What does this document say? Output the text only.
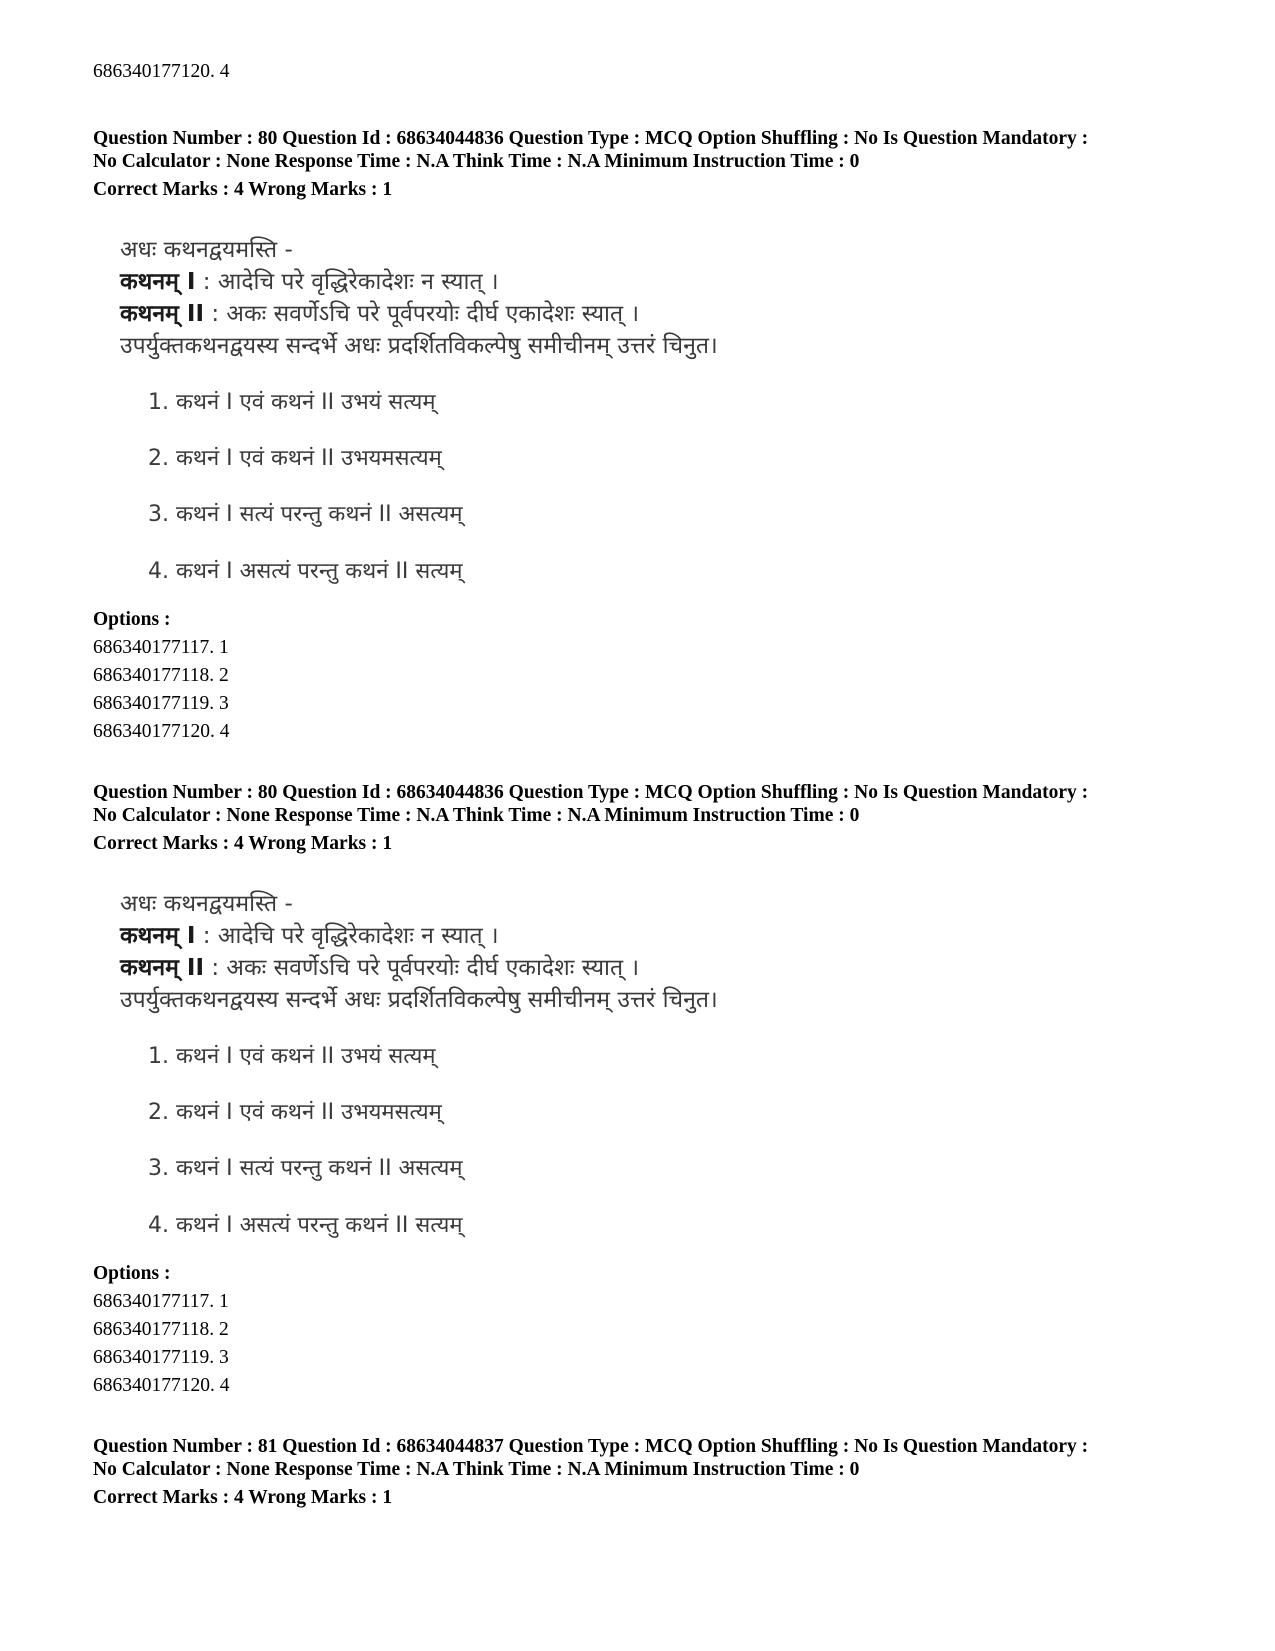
686340177120. 4
Question Number : 80 Question Id : 68634044836 Question Type : MCQ Option Shuffling : No Is Question Mandatory :
No Calculator : None Response Time : N.A Think Time : N.A Minimum Instruction Time : 0
Correct Marks : 4 Wrong Marks : 1
अधः कथनद्वयमस्ति -
कथनम् I : आदेचि परे वृद्धिरेकादेशः न स्यात् ।
कथनम् II : अकः सवर्णेऽचि परे पूर्वपरयोः दीर्घ एकादेशः स्यात् ।
उपर्युक्तकथनद्वयस्य सन्दर्भे अधः प्रदर्शितविकल्पेषु समीचीनम् उत्तरं चिनुत।
1. कथनं I एवं कथनं II उभयं सत्यम्
2. कथनं I एवं कथनं II उभयमसत्यम्
3. कथनं I सत्यं परन्तु कथनं II असत्यम्
4. कथनं I असत्यं परन्तु कथनं II सत्यम्
Options :
686340177117. 1
686340177118. 2
686340177119. 3
686340177120. 4
Question Number : 80 Question Id : 68634044836 Question Type : MCQ Option Shuffling : No Is Question Mandatory :
No Calculator : None Response Time : N.A Think Time : N.A Minimum Instruction Time : 0
Correct Marks : 4 Wrong Marks : 1
अधः कथनद्वयमस्ति -
कथनम् I : आदेचि परे वृद्धिरेकादेशः न स्यात् ।
कथनम् II : अकः सवर्णेऽचि परे पूर्वपरयोः दीर्घ एकादेशः स्यात् ।
उपर्युक्तकथनद्वयस्य सन्दर्भे अधः प्रदर्शितविकल्पेषु समीचीनम् उत्तरं चिनुत।
1. कथनं I एवं कथनं II उभयं सत्यम्
2. कथनं I एवं कथनं II उभयमसत्यम्
3. कथनं I सत्यं परन्तु कथनं II असत्यम्
4. कथनं I असत्यं परन्तु कथनं II सत्यम्
Options :
686340177117. 1
686340177118. 2
686340177119. 3
686340177120. 4
Question Number : 81 Question Id : 68634044837 Question Type : MCQ Option Shuffling : No Is Question Mandatory :
No Calculator : None Response Time : N.A Think Time : N.A Minimum Instruction Time : 0
Correct Marks : 4 Wrong Marks : 1
